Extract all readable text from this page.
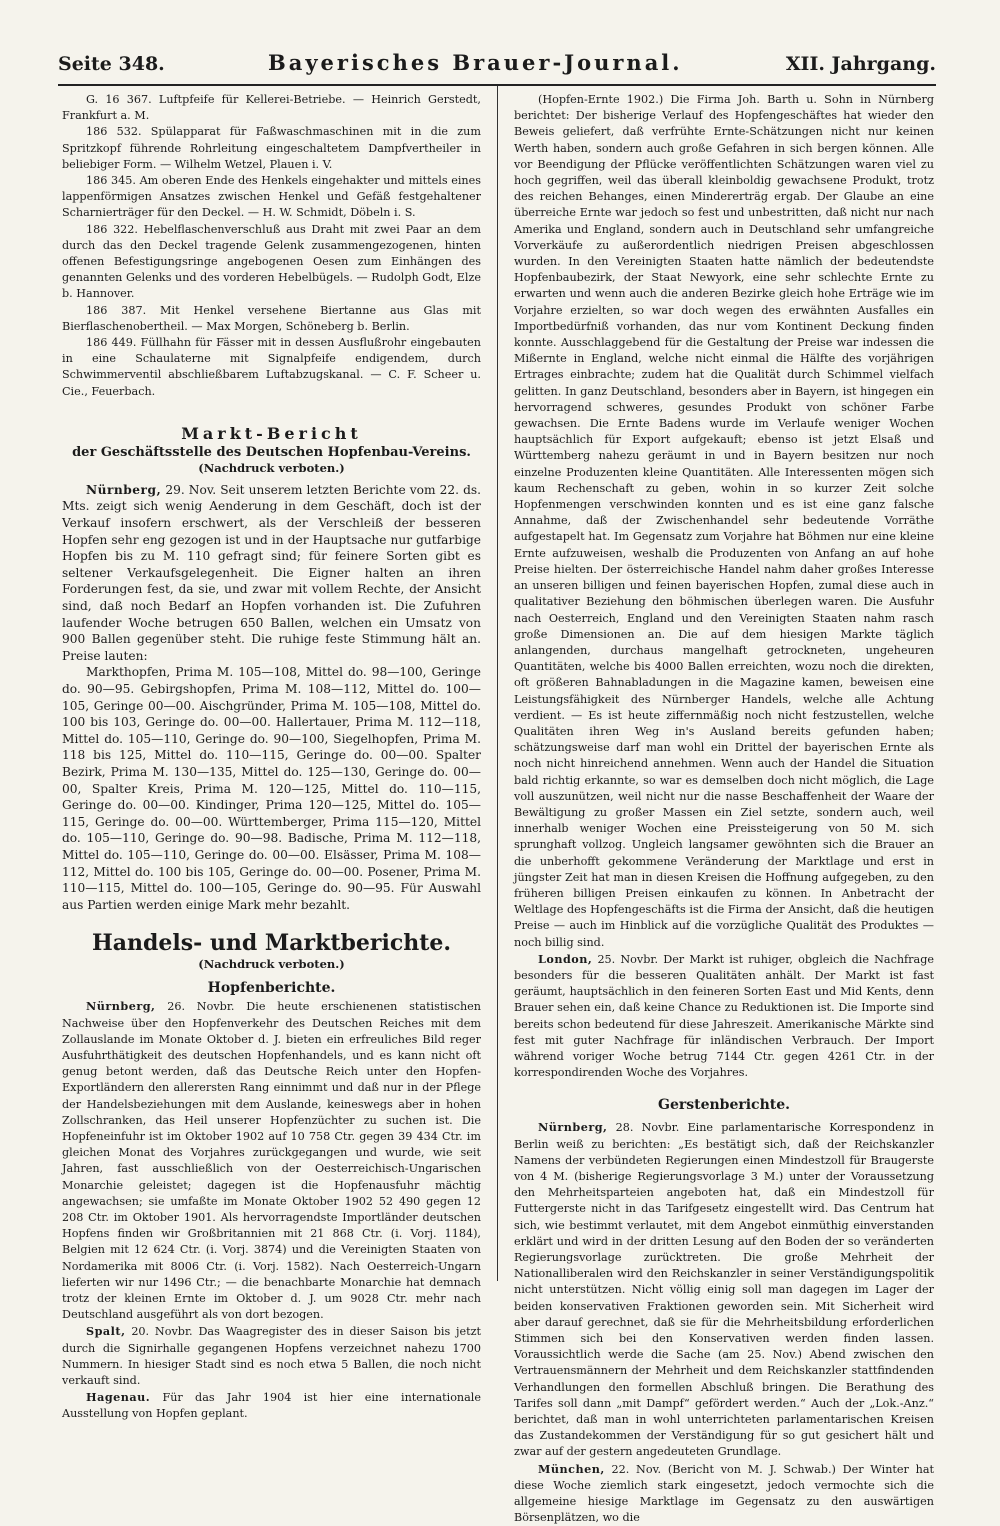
Seite 348.	Bayerisches Brauer-Journal.	XII. Jahrgang.

G. 16 367. Luftpfeife für Kellerei-Betriebe. — Heinrich Gerstedt, Frankfurt a. M.

186 532. Spülapparat für Faßwaschmaschinen mit in die zum Spritzkopf führende Rohrleitung eingeschaltetem Dampfvertheiler in beliebiger Form. — Wilhelm Wetzel, Plauen i. V.

186 345. Am oberen Ende des Henkels eingehakter und mittels eines lappenförmigen Ansatzes zwischen Henkel und Gefäß festgehaltener Scharnierträger für den Deckel. — H. W. Schmidt, Döbeln i. S.

186 322. Hebelflaschenverschluß aus Draht mit zwei Paar an dem durch das den Deckel tragende Gelenk zusammengezogenen, hinten offenen Befestigungsringe angebogenen Oesen zum Einhängen des genannten Gelenks und des vorderen Hebelbügels. — Rudolph Godt, Elze b. Hannover.

186 387. Mit Henkel versehene Biertanne aus Glas mit Bierflaschenobertheil. — Max Morgen, Schöneberg b. Berlin.

186 449. Füllhahn für Fässer mit in dessen Ausflußrohr eingebauten in eine Schaulaterne mit Signalpfeife endigendem, durch Schwimmerventil abschließbarem Luftabzugskanal. — C. F. Scheer u. Cie., Feuerbach.

Markt-Bericht
der Geschäftsstelle des Deutschen Hopfenbau-Vereins.
(Nachdruck verboten.)

Nürnberg, 29. Nov. Seit unserem letzten Berichte vom 22. ds. Mts. zeigt sich wenig Aenderung in dem Geschäft, doch ist der Verkauf insofern erschwert, als der Verschleiß der besseren Hopfen sehr eng gezogen ist und in der Hauptsache nur gutfarbige Hopfen bis zu M. 110 gefragt sind; für feinere Sorten gibt es seltener Verkaufsgelegenheit. Die Eigner halten an ihren Forderungen fest, da sie, und zwar mit vollem Rechte, der Ansicht sind, daß noch Bedarf an Hopfen vorhanden ist. Die Zufuhren laufender Woche betrugen 650 Ballen, welchen ein Umsatz von 900 Ballen gegenüber steht. Die ruhige feste Stimmung hält an. Preise lauten:

Markthopfen, Prima M. 105—108, Mittel do. 98—100, Geringe do. 90—95. Gebirgshopfen, Prima M. 108—112, Mittel do. 100—105, Geringe 00—00. Aischgründer, Prima M. 105—108, Mittel do. 100 bis 103, Geringe do. 00—00. Hallertauer, Prima M. 112—118, Mittel do. 105—110, Geringe do. 90—100, Siegelhopfen, Prima M. 118 bis 125, Mittel do. 110—115, Geringe do. 00—00. Spalter Bezirk, Prima M. 130—135, Mittel do. 125—130, Geringe do. 00—00, Spalter Kreis, Prima M. 120—125, Mittel do. 110—115, Geringe do. 00—00. Kindinger, Prima 120—125, Mittel do. 105—115, Geringe do. 00—00. Württemberger, Prima 115—120, Mittel do. 105—110, Geringe do. 90—98. Badische, Prima M. 112—118, Mittel do. 105—110, Geringe do. 00—00. Elsässer, Prima M. 108—112, Mittel do. 100 bis 105, Geringe do. 00—00. Posener, Prima M. 110—115, Mittel do. 100—105, Geringe do. 90—95. Für Auswahl aus Partien werden einige Mark mehr bezahlt.

Handels- und Marktberichte.
(Nachdruck verboten.)
Hopfenberichte.

Nürnberg, 26. Novbr. Die heute erschienenen statistischen Nachweise über den Hopfenverkehr des Deutschen Reiches mit dem Zollauslande im Monate Oktober d. J. bieten ein erfreuliches Bild reger Ausfuhrthätigkeit des deutschen Hopfenhandels, und es kann nicht oft genug betont werden, daß das Deutsche Reich unter den Hopfen-Exportländern den allerersten Rang einnimmt und daß nur in der Pflege der Handelsbeziehungen mit dem Auslande, keineswegs aber in hohen Zollschranken, das Heil unserer Hopfenzüchter zu suchen ist. Die Hopfeneinfuhr ist im Oktober 1902 auf 10 758 Ctr. gegen 39 434 Ctr. im gleichen Monat des Vorjahres zurückgegangen und wurde, wie seit Jahren, fast ausschließlich von der Oesterreichisch-Ungarischen Monarchie geleistet; dagegen ist die Hopfenausfuhr mächtig angewachsen; sie umfaßte im Monate Oktober 1902 52 490 gegen 12 208 Ctr. im Oktober 1901. Als hervorragendste Importländer deutschen Hopfens finden wir Großbritannien mit 21 868 Ctr. (i. Vorj. 1184), Belgien mit 12 624 Ctr. (i. Vorj. 3874) und die Vereinigten Staaten von Nordamerika mit 8006 Ctr. (i. Vorj. 1582). Nach Oesterreich-Ungarn lieferten wir nur 1496 Ctr.; — die benachbarte Monarchie hat demnach trotz der kleinen Ernte im Oktober d. J. um 9028 Ctr. mehr nach Deutschland ausgeführt als von dort bezogen.

Spalt, 20. Novbr. Das Waagregister des in dieser Saison bis jetzt durch die Signirhalle gegangenen Hopfens verzeichnet nahezu 1700 Nummern. In hiesiger Stadt sind es noch etwa 5 Ballen, die noch nicht verkauft sind.

Hagenau. Für das Jahr 1904 ist hier eine internationale Ausstellung von Hopfen geplant.

(Hopfen-Ernte 1902.) Die Firma Joh. Barth u. Sohn in Nürnberg berichtet: Der bisherige Verlauf des Hopfengeschäftes hat wieder den Beweis geliefert, daß verfrühte Ernte-Schätzungen nicht nur keinen Werth haben, sondern auch große Gefahren in sich bergen können. Alle vor Beendigung der Pflücke veröffentlichten Schätzungen waren viel zu hoch gegriffen, weil das überall kleinboldig gewachsene Produkt, trotz des reichen Behanges, einen Mindererträg ergab. Der Glaube an eine überreiche Ernte war jedoch so fest und unbestritten, daß nicht nur nach Amerika und England, sondern auch in Deutschland sehr umfangreiche Vorverkäufe zu außerordentlich niedrigen Preisen abgeschlossen wurden. In den Vereinigten Staaten hatte nämlich der bedeutendste Hopfenbaubezirk, der Staat Newyork, eine sehr schlechte Ernte zu erwarten und wenn auch die anderen Bezirke gleich hohe Erträge wie im Vorjahre erzielten, so war doch wegen des erwähnten Ausfalles ein Importbedürfniß vorhanden, das nur vom Kontinent Deckung finden konnte. Ausschlaggebend für die Gestaltung der Preise war indessen die Mißernte in England, welche nicht einmal die Hälfte des vorjährigen Ertrages einbrachte; zudem hat die Qualität durch Schimmel vielfach gelitten. In ganz Deutschland, besonders aber in Bayern, ist hingegen ein hervorragend schweres, gesundes Produkt von schöner Farbe gewachsen. Die Ernte Badens wurde im Verlaufe weniger Wochen hauptsächlich für Export aufgekauft; ebenso ist jetzt Elsaß und Württemberg nahezu geräumt in und in Bayern besitzen nur noch einzelne Produzenten kleine Quantitäten. Alle Interessenten mögen sich kaum Rechenschaft zu geben, wohin in so kurzer Zeit solche Hopfenmengen verschwinden konnten und es ist eine ganz falsche Annahme, daß der Zwischenhandel sehr bedeutende Vorräthe aufgestapelt hat. Im Gegensatz zum Vorjahre hat Böhmen nur eine kleine Ernte aufzuweisen, weshalb die Produzenten von Anfang an auf hohe Preise hielten. Der österreichische Handel nahm daher großes Interesse an unseren billigen und feinen bayerischen Hopfen, zumal diese auch in qualitativer Beziehung den böhmischen überlegen waren. Die Ausfuhr nach Oesterreich, England und den Vereinigten Staaten nahm rasch große Dimensionen an. Die auf dem hiesigen Markte täglich anlangenden, durchaus mangelhaft getrockneten, ungeheuren Quantitäten, welche bis 4000 Ballen erreichten, wozu noch die direkten, oft größeren Bahnabladungen in die Magazine kamen, beweisen eine Leistungsfähigkeit des Nürnberger Handels, welche alle Achtung verdient. — Es ist heute ziffernmäßig noch nicht festzustellen, welche Qualitäten ihren Weg in's Ausland bereits gefunden haben; schätzungsweise darf man wohl ein Drittel der bayerischen Ernte als noch nicht hinreichend annehmen. Wenn auch der Handel die Situation bald richtig erkannte, so war es demselben doch nicht möglich, die Lage voll auszunützen, weil nicht nur die nasse Beschaffenheit der Waare der Bewältigung zu großer Massen ein Ziel setzte, sondern auch, weil innerhalb weniger Wochen eine Preissteigerung von 50 M. sich sprunghaft vollzog. Ungleich langsamer gewöhnten sich die Brauer an die unberhofft gekommene Veränderung der Marktlage und erst in jüngster Zeit hat man in diesen Kreisen die Hoffnung aufgegeben, zu den früheren billigen Preisen einkaufen zu können. In Anbetracht der Weltlage des Hopfengeschäfts ist die Firma der Ansicht, daß die heutigen Preise — auch im Hinblick auf die vorzügliche Qualität des Produktes — noch billig sind.

London, 25. Novbr. Der Markt ist ruhiger, obgleich die Nachfrage besonders für die besseren Qualitäten anhält. Der Markt ist fast geräumt, hauptsächlich in den feineren Sorten East und Mid Kents, denn Brauer sehen ein, daß keine Chance zu Reduktionen ist. Die Importe sind bereits schon bedeutend für diese Jahreszeit. Amerikanische Märkte sind fest mit guter Nachfrage für inländischen Verbrauch. Der Import während voriger Woche betrug 7144 Ctr. gegen 4261 Ctr. in der korrespondirenden Woche des Vorjahres.

Gerstenberichte.

Nürnberg, 28. Novbr. Eine parlamentarische Korrespondenz in Berlin weiß zu berichten: „Es bestätigt sich, daß der Reichskanzler Namens der verbündeten Regierungen einen Mindestzoll für Braugerste von 4 M. (bisherige Regierungsvorlage 3 M.) unter der Voraussetzung den Mehrheitsparteien angeboten hat, daß ein Mindestzoll für Futtergerste nicht in das Tarifgesetz eingestellt wird. Das Centrum hat sich, wie bestimmt verlautet, mit dem Angebot einmüthig einverstanden erklärt und wird in der dritten Lesung auf den Boden der so veränderten Regierungsvorlage zurücktreten. Die große Mehrheit der Nationalliberalen wird den Reichskanzler in seiner Verständigungspolitik nicht unterstützen. Nicht völlig einig soll man dagegen im Lager der beiden konservativen Fraktionen geworden sein. Mit Sicherheit wird aber darauf gerechnet, daß sie für die Mehrheitsbildung erforderlichen Stimmen sich bei den Konservativen werden finden lassen. Voraussichtlich werde die Sache (am 25. Nov.) Abend zwischen den Vertrauensmännern der Mehrheit und dem Reichskanzler stattfindenden Verhandlungen den formellen Abschluß bringen. Die Berathung des Tarifes soll dann „mit Dampf“ gefördert werden.“ Auch der „Lok.-Anz.“ berichtet, daß man in wohl unterrichteten parlamentarischen Kreisen das Zustandekommen der Verständigung für so gut gesichert hält und zwar auf der gestern angedeuteten Grundlage.

München, 22. Nov. (Bericht von M. J. Schwab.) Der Winter hat diese Woche ziemlich stark eingesetzt, jedoch vermochte sich die allgemeine hiesige Marktlage im Gegensatz zu den auswärtigen Börsenplätzen, wo die
